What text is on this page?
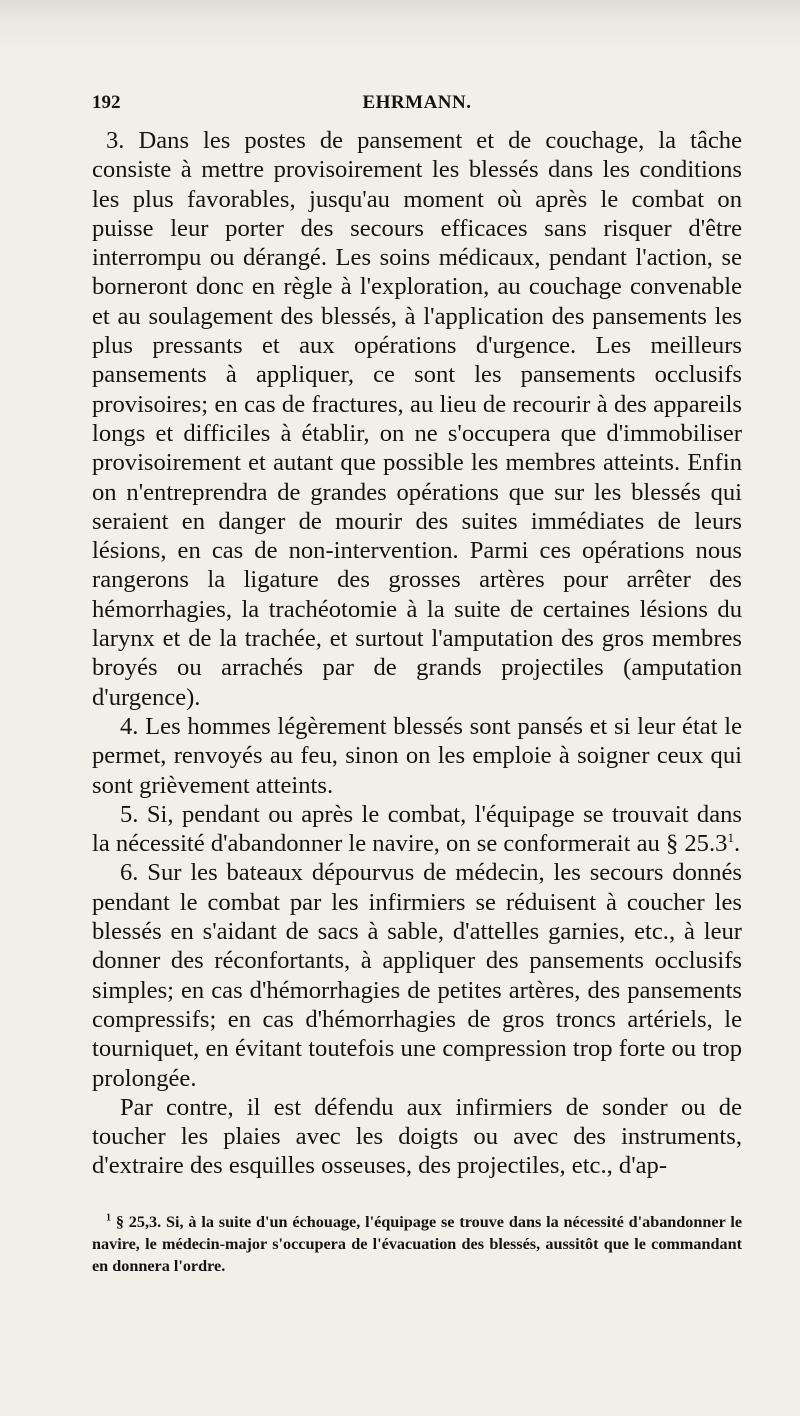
192	EHRMANN.

3. Dans les postes de pansement et de couchage, la tâche consiste à mettre provisoirement les blessés dans les conditions les plus favorables, jusqu'au moment où après le combat on puisse leur porter des secours efficaces sans risquer d'être interrompu ou dérangé. Les soins médicaux, pendant l'action, se borneront donc en règle à l'exploration, au couchage convenable et au soulagement des blessés, à l'application des pansements les plus pressants et aux opérations d'urgence. Les meilleurs pansements à appliquer, ce sont les pansements occlusifs provisoires; en cas de fractures, au lieu de recourir à des appareils longs et difficiles à établir, on ne s'occupera que d'immobiliser provisoirement et autant que possible les membres atteints. Enfin on n'entreprendra de grandes opérations que sur les blessés qui seraient en danger de mourir des suites immédiates de leurs lésions, en cas de non-intervention. Parmi ces opérations nous rangerons la ligature des grosses artères pour arrêter des hémorrhagies, la trachéotomie à la suite de certaines lésions du larynx et de la trachée, et surtout l'amputation des gros membres broyés ou arrachés par de grands projectiles (amputation d'urgence).

4. Les hommes légèrement blessés sont pansés et si leur état le permet, renvoyés au feu, sinon on les emploie à soigner ceux qui sont grièvement atteints.

5. Si, pendant ou après le combat, l'équipage se trouvait dans la nécessité d'abandonner le navire, on se conformerait au § 25.3$^1$.

6. Sur les bateaux dépourvus de médecin, les secours donnés pendant le combat par les infirmiers se réduisent à coucher les blessés en s'aidant de sacs à sable, d'attelles garnies, etc., à leur donner des réconfortants, à appliquer des pansements occlusifs simples; en cas d'hémorrhagies de petites artères, des pansements compressifs; en cas d'hémorrhagies de gros troncs artériels, le tourniquet, en évitant toutefois une compression trop forte ou trop prolongée.

Par contre, il est défendu aux infirmiers de sonder ou de toucher les plaies avec les doigts ou avec des instruments, d'extraire des esquilles osseuses, des projectiles, etc., d'ap-

$^1$ § 25,3. Si, à la suite d'un échouage, l'équipage se trouve dans la nécessité d'abandonner le navire, le médecin-major s'occupera de l'évacuation des blessés, aussitôt que le commandant en donnera l'ordre.
